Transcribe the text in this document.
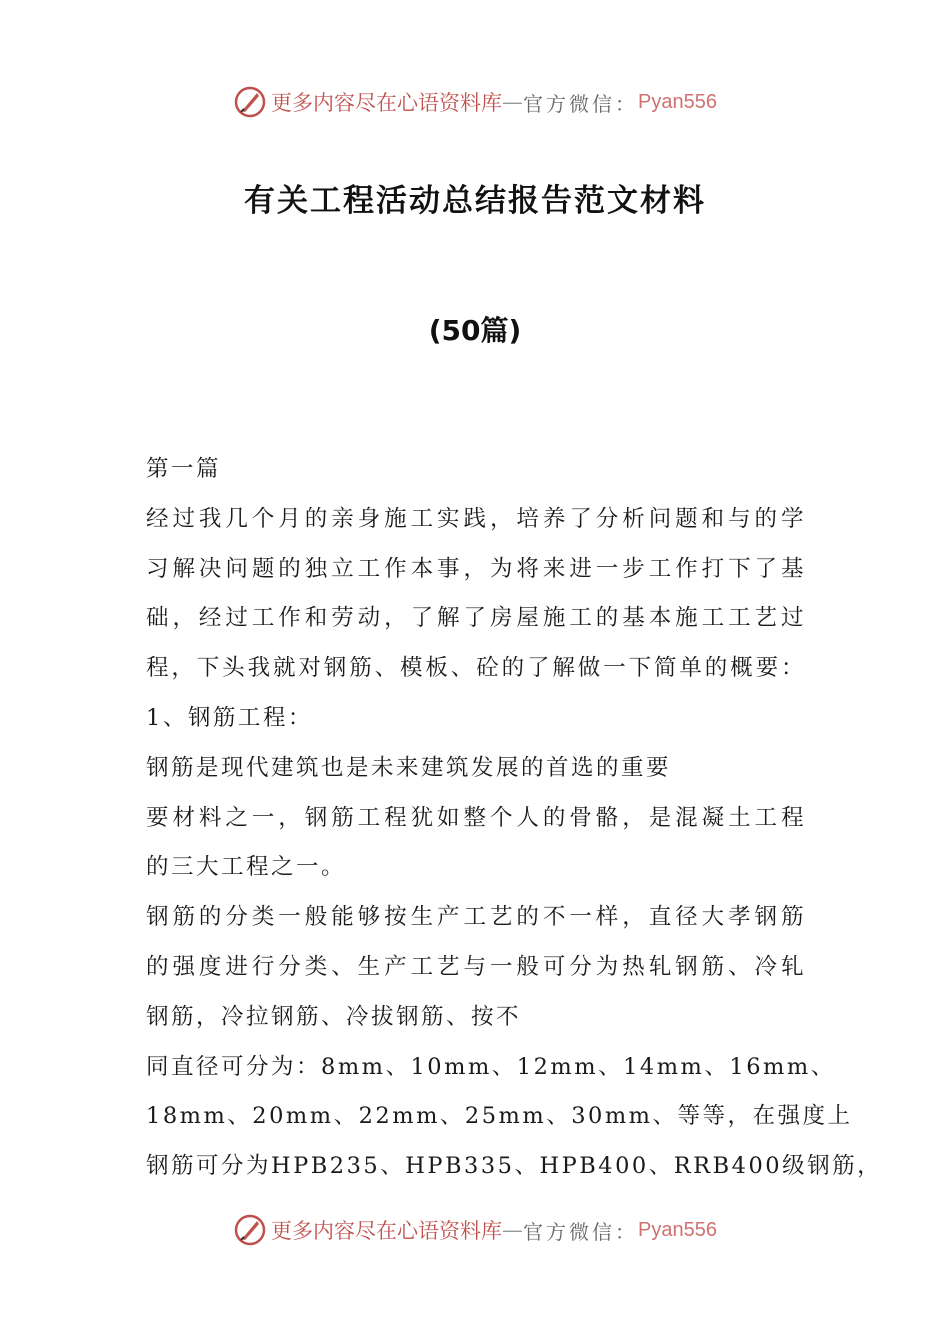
更多内容尽在心语资料库 — 官方微信： Pyan556
有关工程活动总结报告范文材料
(50篇)
第一篇
经过我几个月的亲身施工实践，培养了分析问题和与的学
习解决问题的独立工作本事，为将来进一步工作打下了基
础，经过工作和劳动，了解了房屋施工的基本施工工艺过
程，下头我就对钢筋、模板、砼的了解做一下简单的概要：
1、钢筋工程：
钢筋是现代建筑也是未来建筑发展的首选的重要
要材料之一，钢筋工程犹如整个人的骨骼，是混凝土工程
的三大工程之一。
钢筋的分类一般能够按生产工艺的不一样，直径大孝钢筋
的强度进行分类、生产工艺与一般可分为热轧钢筋、冷轧
钢筋，冷拉钢筋、冷拔钢筋、按不
同直径可分为：8mm、10mm、12mm、14mm、16mm、
18mm、20mm、22mm、25mm、30mm、等等，在强度上
钢筋可分为HPB235、HPB335、HPB400、RRB400级钢筋，
更多内容尽在心语资料库 — 官方微信： Pyan556
